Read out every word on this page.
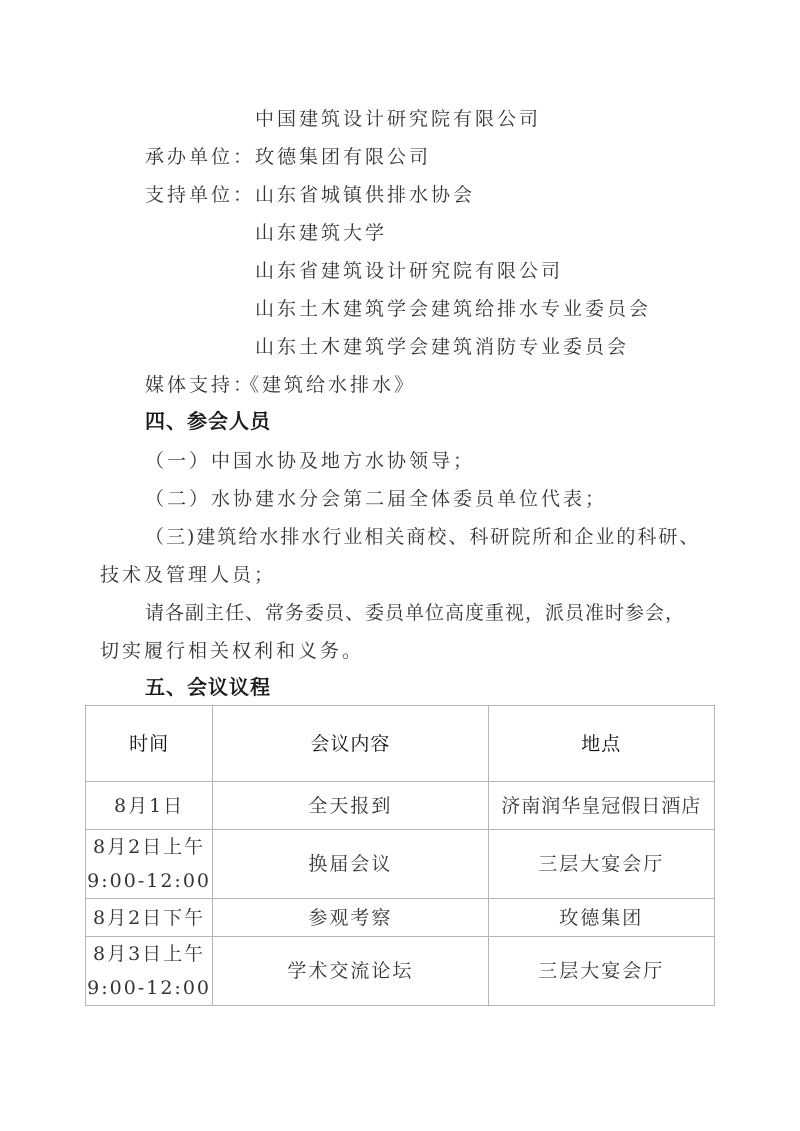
中国建筑设计研究院有限公司
承办单位： 玫德集团有限公司
支持单位： 山东省城镇供排水协会
山东建筑大学
山东省建筑设计研究院有限公司
山东土木建筑学会建筑给排水专业委员会
山东土木建筑学会建筑消防专业委员会
媒体支持：
《建筑给水排水》
四、参会人员
（一）中国水协及地方水协领导；
（二）水协建水分会第二届全体委员单位代表；
（三)建筑给水排水行业相关商校、科研院所和企业的科研、
技术及管理人员；
请各副主任、常务委员、委员单位高度重视，派员准时参会，
切实履行相关权利和义务。
五、会议议程
时间	会议内容	地点

8月1日	全天报到	济南润华皇冠假日酒店

8月2日上午
9:00-12:00	换届会议	三层大宴会厅

8月2日下午	参观考察	玫德集团

8月3日上午
9:00-12:00	学术交流论坛	三层大宴会厅
